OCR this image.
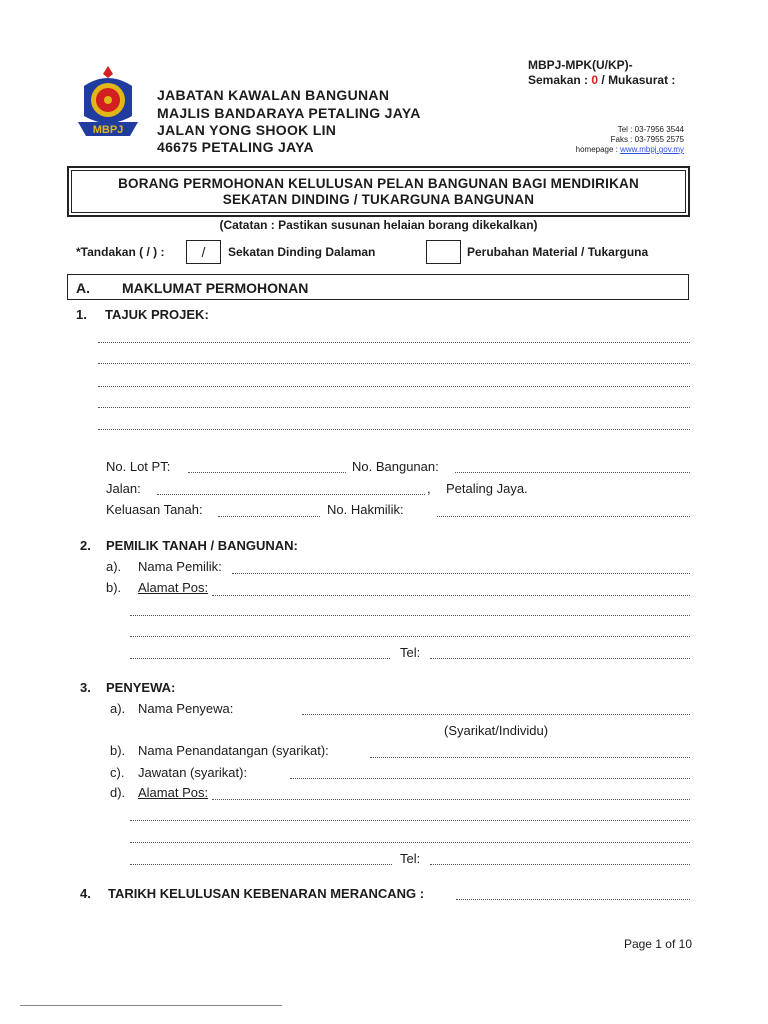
MBPJ
JABATAN KAWALAN BANGUNAN
MAJLIS BANDARAYA PETALING JAYA
JALAN YONG SHOOK LIN
46675 PETALING JAYA
MBPJ-MPK(U/KP)-
Semakan : 0 / Mukasurat :
Tel : 03-7956 3544
Faks : 03-7955 2575
homepage : www.mbpj.gov.my
BORANG PERMOHONAN KELULUSAN PELAN BANGUNAN BAGI MENDIRIKAN
SEKATAN DINDING / TUKARGUNA BANGUNAN
(Catatan : Pastikan susunan helaian borang dikekalkan)
*Tandakan ( / ) :	/	Sekatan Dinding Dalaman	Perubahan Material / Tukarguna
A. MAKLUMAT PERMOHONAN
1. TAJUK PROJEK:
No. Lot PT:	No. Bangunan:
Jalan:	, Petaling Jaya.
Keluasan Tanah:	No. Hakmilik:
2. PEMILIK TANAH / BANGUNAN:
a). Nama Pemilik:
b). Alamat Pos:
Tel:
3. PENYEWA:
a). Nama Penyewa:
(Syarikat/Individu)
b). Nama Penandatangan (syarikat):
c). Jawatan (syarikat):
d). Alamat Pos:
Tel:
4. TARIKH KELULUSAN KEBENARAN MERANCANG :
Page 1 of 10
